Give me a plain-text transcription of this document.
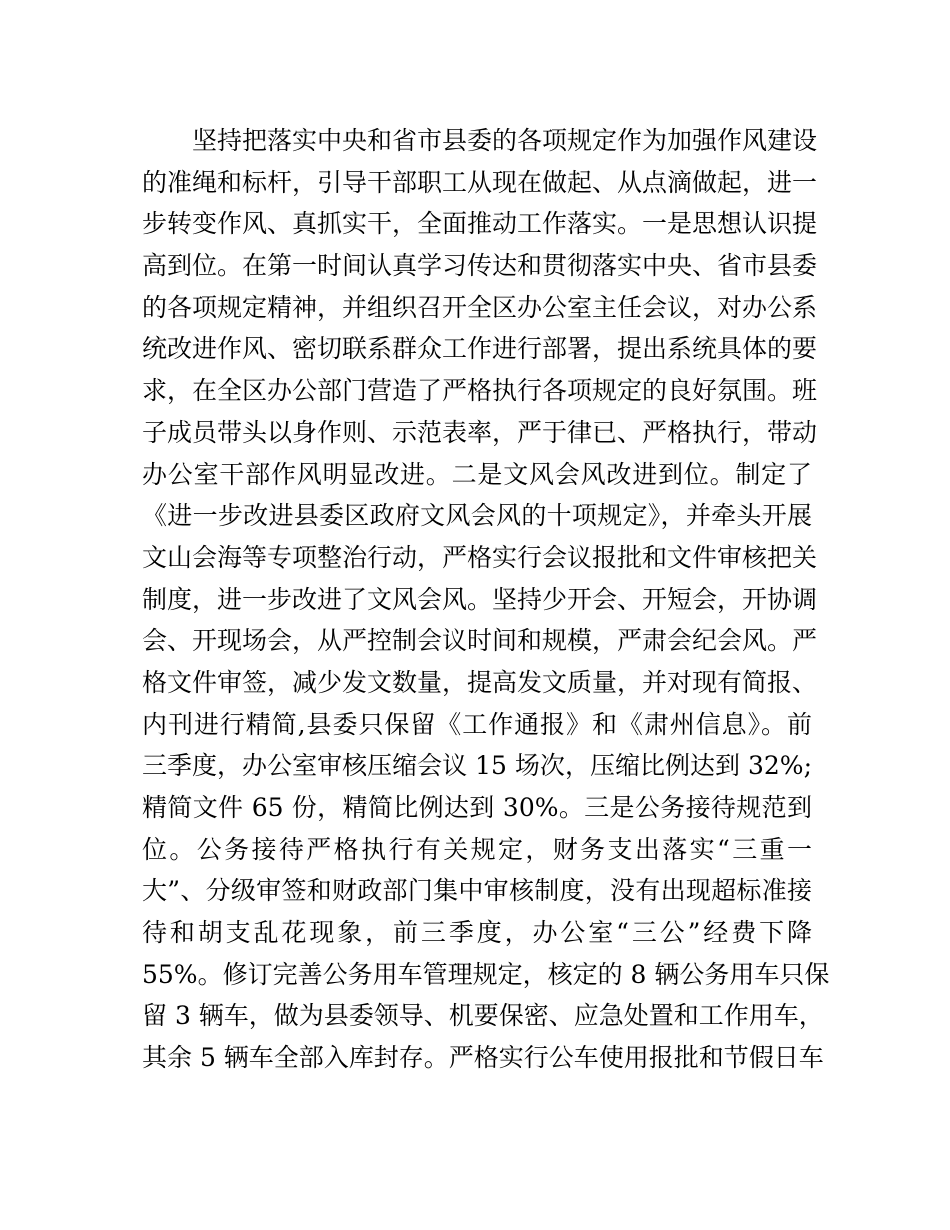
坚持把落实中央和省市县委的各项规定作为加强作风建设
的准绳和标杆，引导干部职工从现在做起、从点滴做起，进一
步转变作风、真抓实干，全面推动工作落实。一是思想认识提
高到位。在第一时间认真学习传达和贯彻落实中央、省市县委
的各项规定精神，并组织召开全区办公室主任会议，对办公系
统改进作风、密切联系群众工作进行部署，提出系统具体的要
求，在全区办公部门营造了严格执行各项规定的良好氛围。班
子成员带头以身作则、示范表率，严于律已、严格执行，带动
办公室干部作风明显改进。二是文风会风改进到位。制定了
《进一步改进县委区政府文风会风的十项规定》，并牵头开展
文山会海等专项整治行动，严格实行会议报批和文件审核把关
制度，进一步改进了文风会风。坚持少开会、开短会，开协调
会、开现场会，从严控制会议时间和规模，严肃会纪会风。严
格文件审签，减少发文数量，提高发文质量，并对现有简报、
内刊进行精简,县委只保留《工作通报》和《肃州信息》。前
三季度，办公室审核压缩会议 15 场次，压缩比例达到 32%;
精简文件 65 份，精简比例达到 30%。三是公务接待规范到
位。公务接待严格执行有关规定，财务支出落实“三重一
大”、分级审签和财政部门集中审核制度，没有出现超标准接
待和胡支乱花现象，前三季度，办公室“三公”经费下降
55%。修订完善公务用车管理规定，核定的 8 辆公务用车只保
留 3 辆车，做为县委领导、机要保密、应急处置和工作用车，
其余 5 辆车全部入库封存。严格实行公车使用报批和节假日车
